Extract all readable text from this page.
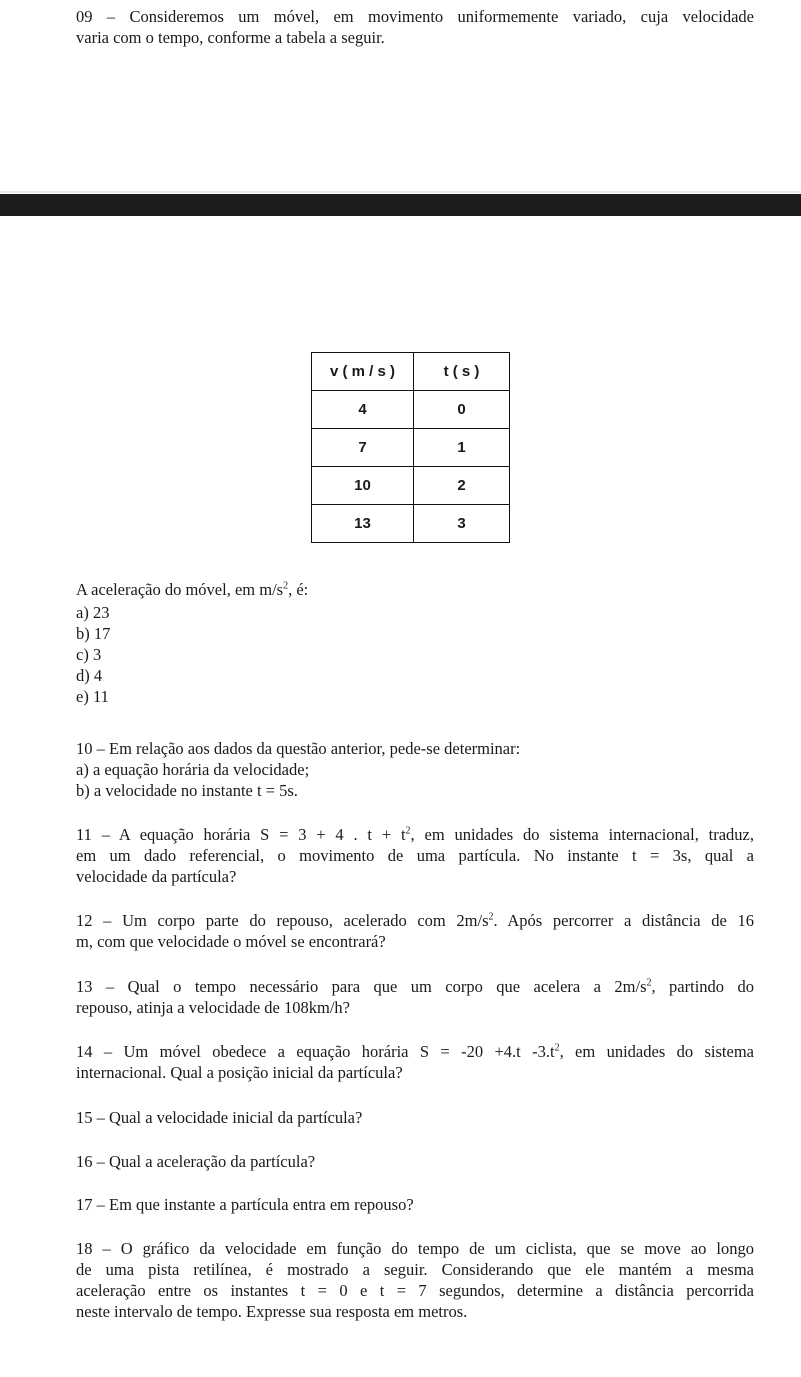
09 – Consideremos um móvel, em movimento uniformemente variado, cuja velocidade
varia com o tempo, conforme a tabela a seguir.

v ( m / s )	t ( s )
4	0
7	1
10	2
13	3

A aceleração do móvel, em $m/s^2$, é:

a) 23
b) 17
c) 3
d) 4
e) 11

10 – Em relação aos dados da questão anterior, pede-se determinar:
a) a equação horária da velocidade;
b) a velocidade no instante t = 5s.

11 – A equação horária S = 3 + 4 . $t + t^2$, em unidades do sistema internacional, traduz,
em um dado referencial, o movimento de uma partícula. No instante t = 3s, qual a
velocidade da partícula?

12 – Um corpo parte do repouso, acelerado com $2m/s^2$. Após percorrer a distância de 16
m, com que velocidade o móvel se encontrará?

13 – Qual o tempo necessário para que um corpo que acelera a $2m/s^2$, partindo do
repouso, atinja a velocidade de 108km/h?

14 – Um móvel obedece a equação horária S = -20 +4.t $-3.t^2$, em unidades do sistema
internacional. Qual a posição inicial da partícula?

15 – Qual a velocidade inicial da partícula?

16 – Qual a aceleração da partícula?

17 – Em que instante a partícula entra em repouso?

18 – O gráfico da velocidade em função do tempo de um ciclista, que se move ao longo
de uma pista retilínea, é mostrado a seguir. Considerando que ele mantém a mesma
aceleração entre os instantes t = 0 e t = 7 segundos, determine a distância percorrida
neste intervalo de tempo. Expresse sua resposta em metros.
